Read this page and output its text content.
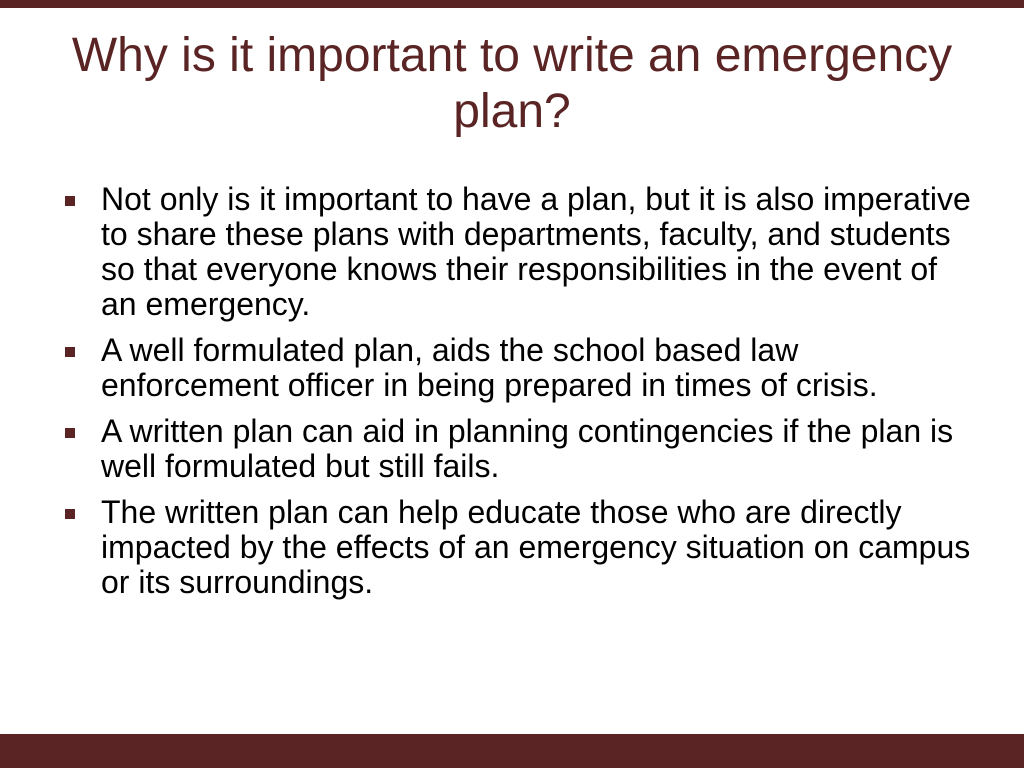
Why is it important to write an emergency plan?
Not only is it important to have a plan, but it is also imperative to share these plans with departments, faculty, and students so that everyone knows their responsibilities in the event of an emergency.
A well formulated plan, aids the school based law enforcement officer in being prepared in times of crisis.
A written plan can aid in planning contingencies if the plan is well formulated but still fails.
The written plan can help educate those who are directly impacted by the effects of an emergency situation on campus or its surroundings.
